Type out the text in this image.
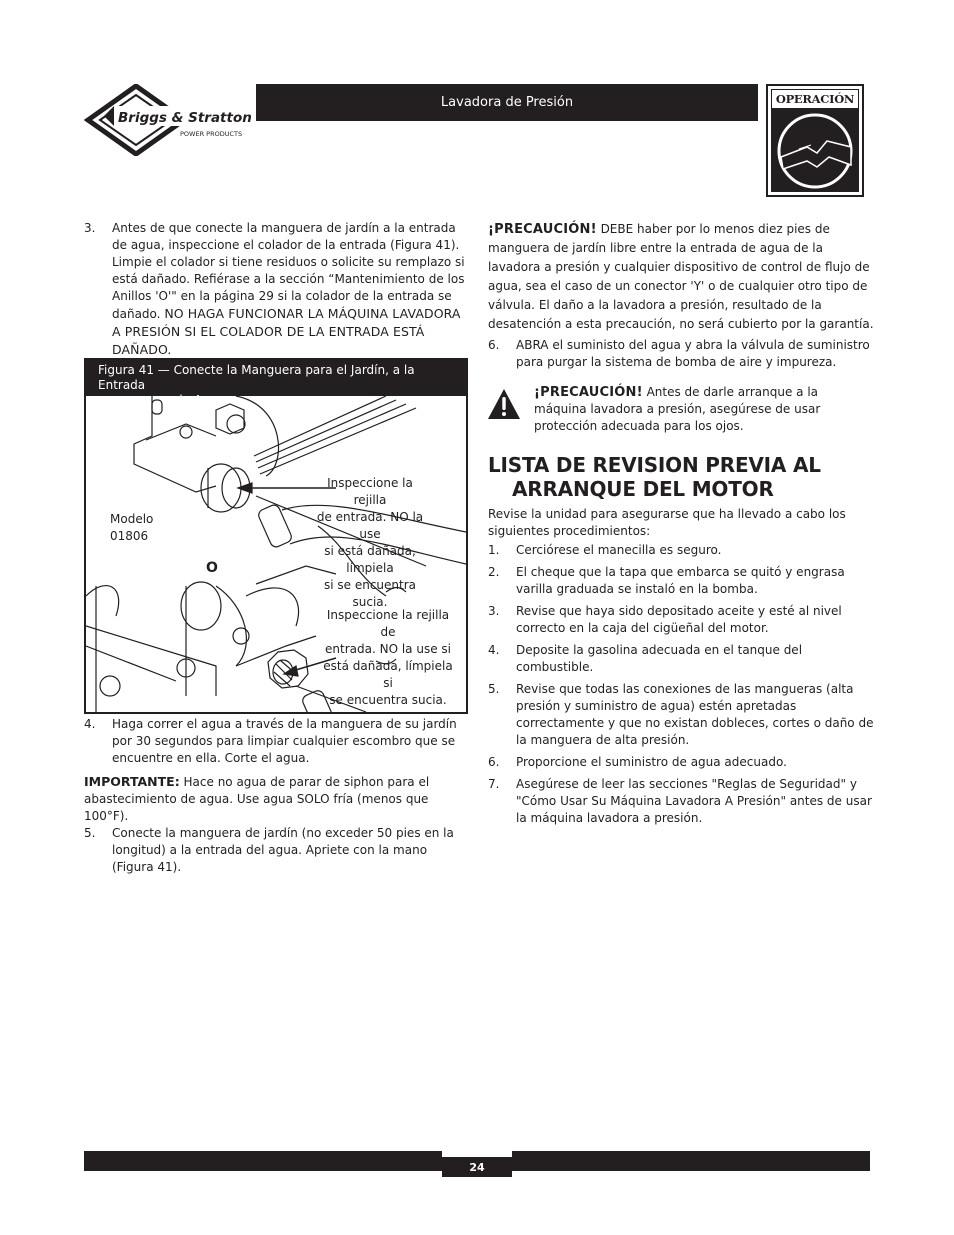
Briggs & Stratton
POWER PRODUCTS
Lavadora de Presión	OPERACIÓN
3.	Antes de que conecte la manguera de jardín a la entrada de agua, inspeccione el colador de la entrada (Figura 41). Limpie el colador si tiene residuos o solicite su remplazo si está dañado. Refiérase a la sección “Mantenimiento de los Anillos 'O'" en la página 29 si la colador de la entrada se dañado. NO HAGA FUNCIONAR LA MÁQUINA LAVADORA A PRESIÓN SI EL COLADOR DE LA ENTRADA ESTÁ DAÑADO.
Figura 41 — Conecte la Manguera para el Jardín, a la Entrada
de Agua
Modelo
01806
Inspeccione la rejilla
de entrada. NO la use
si está dañada, límpiela
si se encuentra sucia.
O
Inspeccione la rejilla de
entrada. NO la use si
está dañada, límpiela si
se encuentra sucia.
4.	Haga correr el agua a través de la manguera de su jardín por 30 segundos para limpiar cualquier escombro que se encuentre en ella. Corte el agua.
IMPORTANTE: Hace no agua de parar de siphon para el abastecimiento de agua. Use agua SOLO fría (menos que 100°F).
5.	Conecte la manguera de jardín (no exceder 50 pies en la longitud) a la entrada del agua. Apriete con la mano (Figura 41).
¡PRECAUCIÓN! DEBE haber por lo menos diez pies de manguera de jardín libre entre la entrada de agua de la lavadora a presión y cualquier dispositivo de control de flujo de agua, sea el caso de un conector 'Y' o de cualquier otro tipo de válvula. El daño a la lavadora a presión, resultado de la desatención a esta precaución, no será cubierto por la garantía.
6.	ABRA el suministo del agua y abra la válvula de suministro para purgar la sistema de bomba de aire y impureza.
¡PRECAUCIÓN! Antes de darle arranque a la máquina lavadora a presión, asegúrese de usar protección adecuada para los ojos.
LISTA DE REVISION PREVIA AL
ARRANQUE DEL MOTOR
Revise la unidad para asegurarse que ha llevado a cabo los siguientes procedimientos:
1.	Cerciórese el manecilla es seguro.
2.	El cheque que la tapa que embarca se quitó y engrasa varilla graduada se instaló en la bomba.
3.	Revise que haya sido depositado aceite y esté al nivel correcto en la caja del cigüeñal del motor.
4.	Deposite la gasolina adecuada en el tanque del combustible.
5.	Revise que todas las conexiones de las mangueras (alta presión y suministro de agua) estén apretadas correctamente y que no existan dobleces, cortes o daño de la manguera de alta presión.
6.	Proporcione el suministro de agua adecuado.
7.	Asegúrese de leer las secciones "Reglas de Seguridad" y "Cómo Usar Su Máquina Lavadora A Presión" antes de usar la máquina lavadora a presión.
24
